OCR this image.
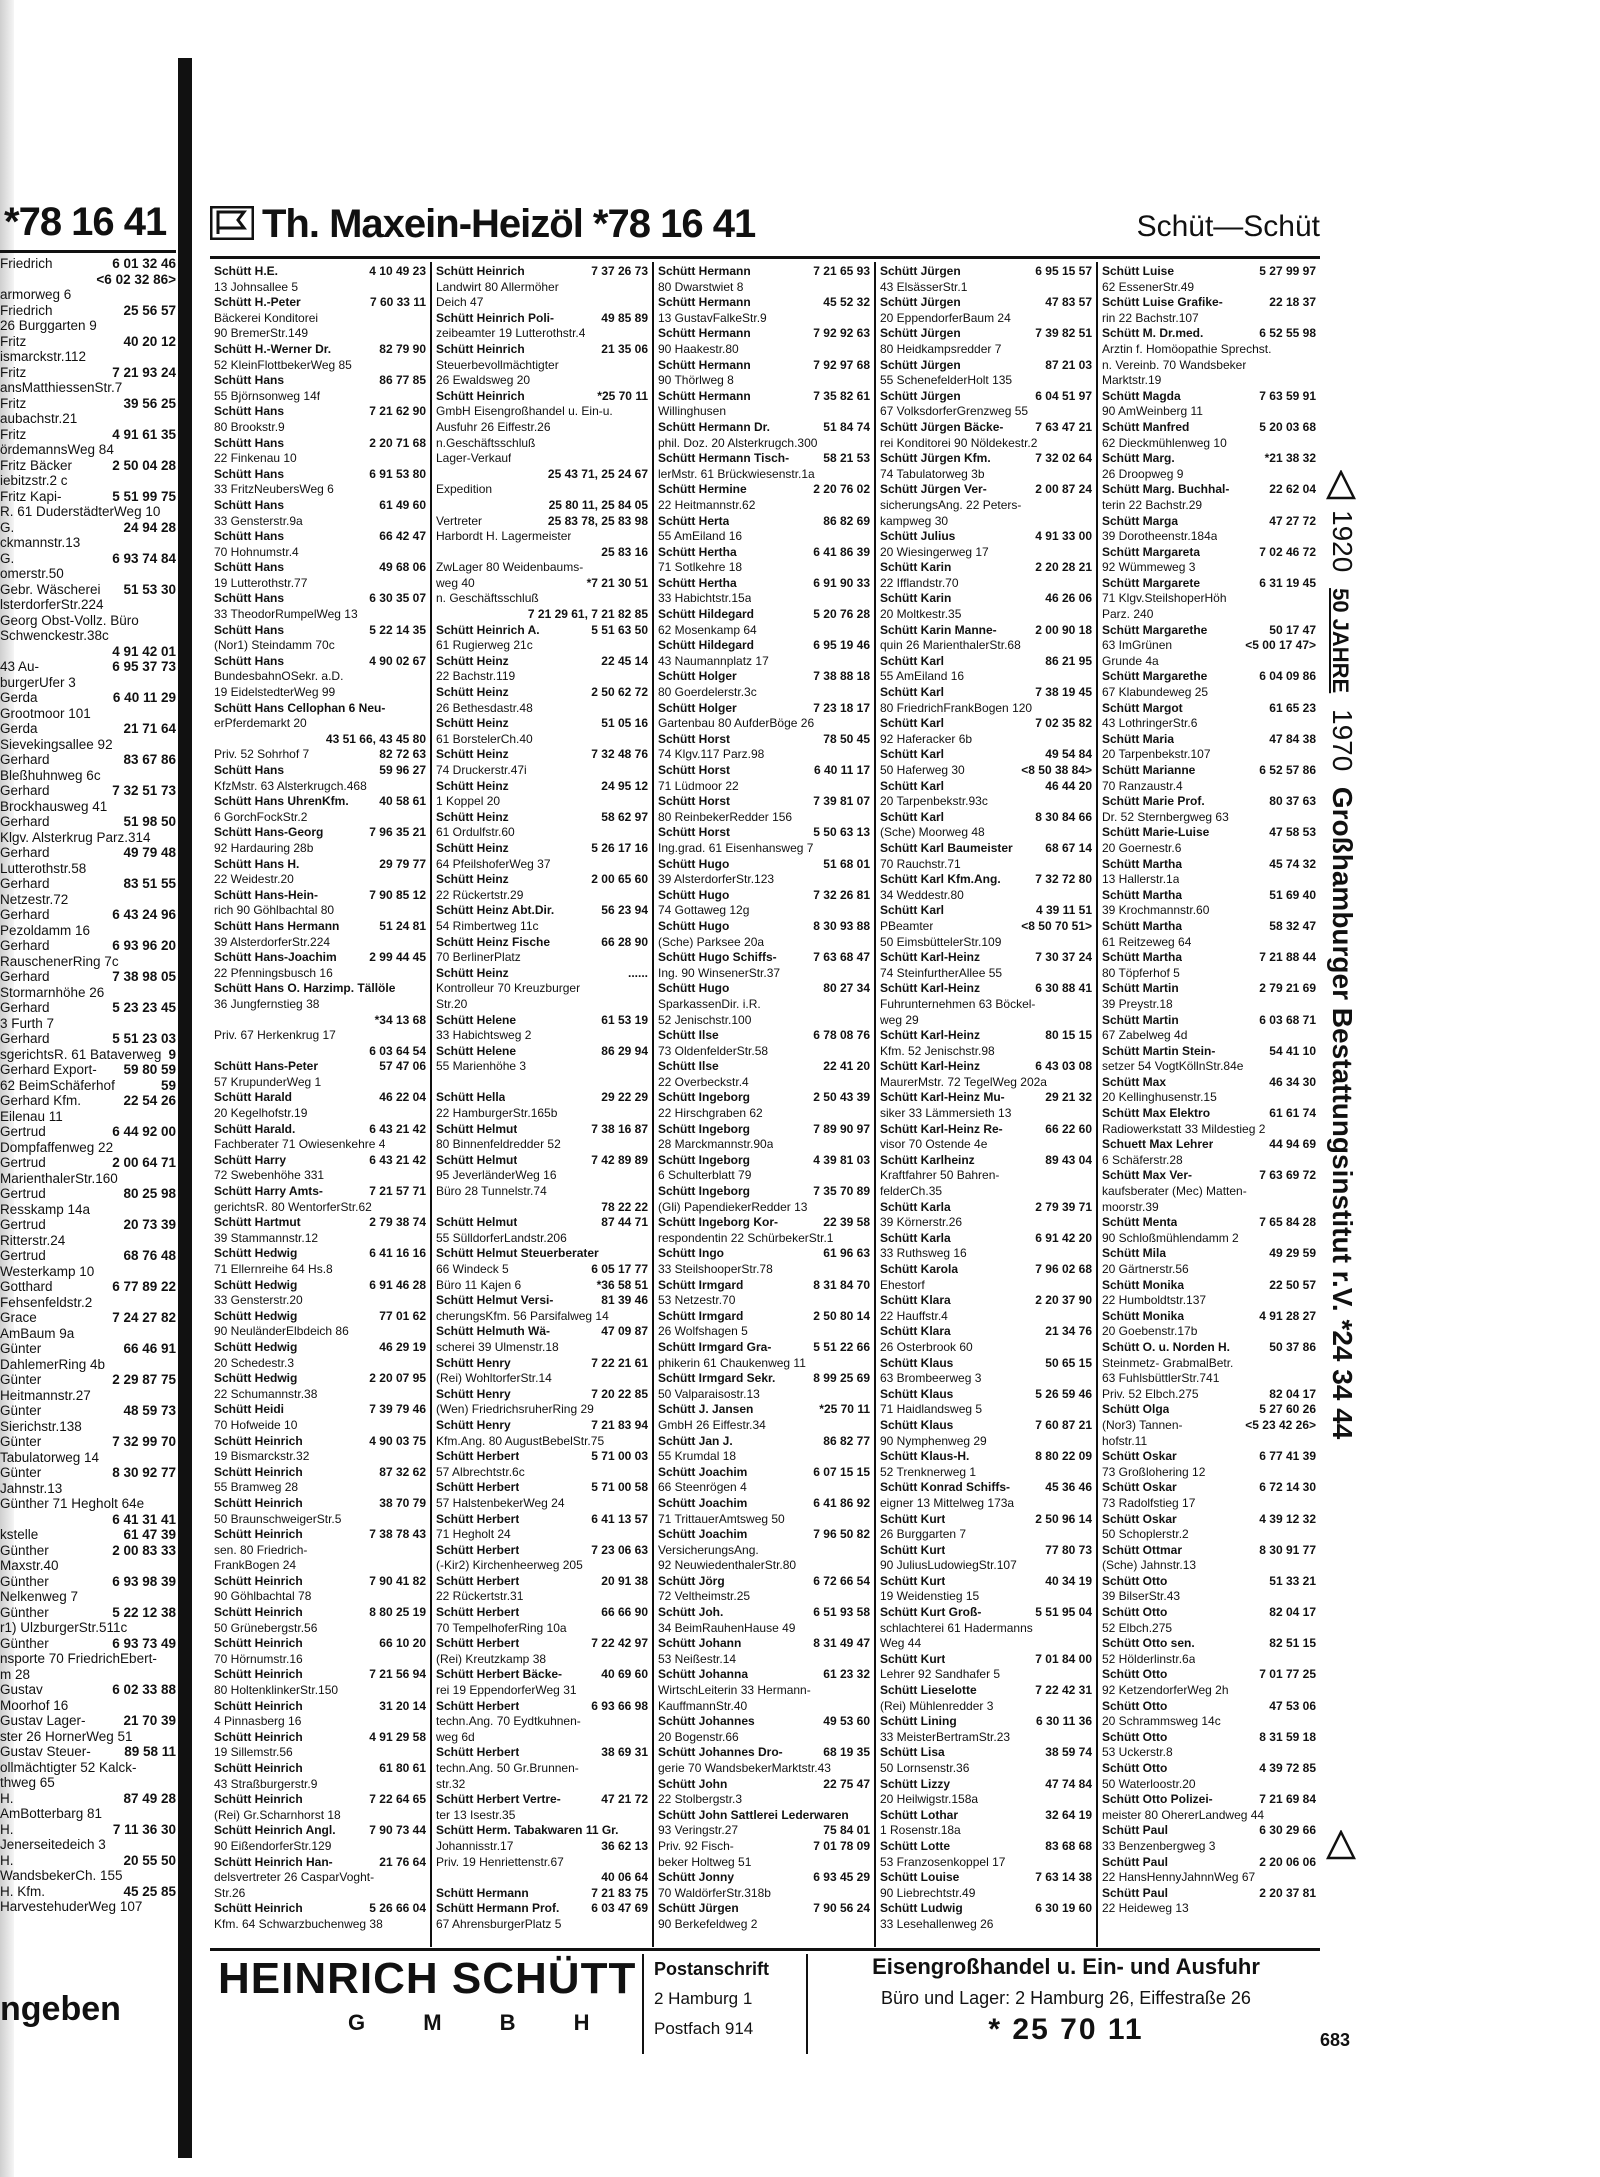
*78 16 41
Friedrich	6 01 32 46
<6 02 32 86>
armorweg 6
Friedrich	25 56 57
26 Burggarten 9
Fritz	40 20 12
ismarckstr.112
Fritz	7 21 93 24
ansMatthiessenStr.7
Fritz	39 56 25
aubachstr.21
Fritz	4 91 61 35
ördemannsWeg 84
Fritz Bäcker	2 50 04 28
iebitzstr.2 c
Fritz Kapi-	5 51 99 75
R. 61 DuderstädterWeg 10
G.	24 94 28
ckmannstr.13
G.	6 93 74 84
omerstr.50
Gebr. Wäscherei 51 53 30
lsterdorferStr.224
Georg Obst-Vollz. Büro
Schwenckestr.38c
4 91 42 01
43 Au-	6 95 37 73
burgerUfer 3
Gerda	6 40 11 29
Grootmoor 101
Gerda	21 71 64
Sievekingsallee 92
Gerhard	83 67 86
Bleßhuhnweg 6c
Gerhard	7 32 51 73
Brockhausweg 41
Gerhard	51 98 50
Klgv. Alsterkrug Parz.314
Gerhard	49 79 48
Lutterothstr.58
Gerhard	83 51 55
Netzestr.72
Gerhard	6 43 24 96
Pezoldamm 16
Gerhard	6 93 96 20
RauschenerRing 7c
Gerhard	7 38 98 05
Stormarnhöhe 26
Gerhard	5 23 23 45
3 Furth 7
Gerhard	5 51 23 03
sgerichtsR. 61 Bataverweg 9
Gerhard Export- 59 80 59
62 BeimSchäferhof	59
Gerhard Kfm.	22 54 26
Eilenau 11
Gertrud	6 44 92 00
Dompfaffenweg 22
Gertrud	2 00 64 71
MarienthalerStr.160
Gertrud	80 25 98
Resskamp 14a
Gertrud	20 73 39
Ritterstr.24
Gertrud	68 76 48
Westerkamp 10
Gotthard	6 77 89 22
Fehsenfeldstr.2
Grace	7 24 27 82
AmBaum 9a
Günter	66 46 91
DahlemerRing 4b
Günter	2 29 87 75
Heitmannstr.27
Günter	48 59 73
Sierichstr.138
Günter	7 32 99 70
Tabulatorweg 14
Günter	8 30 92 77
Jahnstr.13
Günther 71 Hegholt 64e
6 41 31 41
kstelle	61 47 39
Günther	2 00 83 33
Maxstr.40
Günther	6 93 98 39
Nelkenweg 7
Günther	5 22 12 38
r1) UlzburgerStr.511c
Günther	6 93 73 49
nsporte 70 FriedrichEbert-
m 28
Gustav	6 02 33 88
Moorhof 16
Gustav Lager-	21 70 39
ster 26 HornerWeg 51
Gustav Steuer- 89 58 11
ollmächtigter 52 Kalck-
thweg 65
H.	87 49 28
AmBotterbarg 81
H.	7 11 36 30
Jenerseitedeich 3
H.	20 55 50
WandsbekerCh. 155
H. Kfm.	45 25 85
HarvestehuderWeg 107
ngeben
Th. Maxein-Heizöl *78 16 41	Schüt—Schüt
Schütt H.E.	4 10 49 23
13 Johnsallee 5
Schütt H.-Peter	7 60 33 11
Bäckerei Konditorei
90 BremerStr.149
Schütt H.-Werner Dr.	82 79 90
52 KleinFlottbekerWeg 85
Schütt Hans	86 77 85
55 Björnsonweg 14f
Schütt Hans	7 21 62 90
80 Brookstr.9
Schütt Hans	2 20 71 68
22 Finkenau 10
Schütt Hans	6 91 53 80
33 FritzNeubersWeg 6
Schütt Hans	61 49 60
33 Gensterstr.9a
Schütt Hans	66 42 47
70 Hohnumstr.4
Schütt Hans	49 68 06
19 Lutterothstr.77
Schütt Hans	6 30 35 07
33 TheodorRumpelWeg 13
Schütt Hans	5 22 14 35
(Nor1) Steindamm 70c
Schütt Hans	4 90 02 67
BundesbahnOSekr. a.D.
19 EidelstedterWeg 99
Schütt Hans Cellophan 6 Neu-
erPferdemarkt 20
43 51 66, 43 45 80
Priv. 52 Sohrhof 7	82 72 63
Schütt Hans	59 96 27
KfzMstr. 63 Alsterkrugch.468
Schütt Hans UhrenKfm.	40 58 61
6 GorchFockStr.2
Schütt Hans-Georg	7 96 35 21
92 Hardauring 28b
Schütt Hans H.	29 79 77
22 Weidestr.20
Schütt Hans-Hein-	7 90 85 12
rich 90 Göhlbachtal 80
Schütt Hans Hermann	51 24 81
39 AlsterdorferStr.224
Schütt Hans-Joachim	2 99 44 45
22 Pfenningsbusch 16
Schütt Hans O. Harzimp. Tällöle
36 Jungfernstieg 38
*34 13 68
Priv. 67 Herkenkrug 17
6 03 64 54
Schütt Hans-Peter	57 47 06
57 KrupunderWeg 1
Schütt Harald	46 22 04
20 Kegelhofstr.19
Schütt Harald.	6 43 21 42
Fachberater 71 Owiesenkehre 4
Schütt Harry	6 43 21 42
72 Swebenhöhe 331
Schütt Harry Amts-	7 21 57 71
gerichtsR. 80 WentorferStr.62
Schütt Hartmut	2 79 38 74
39 Stammannstr.12
Schütt Hedwig	6 41 16 16
71 Ellernreihe 64 Hs.8
Schütt Hedwig	6 91 46 28
33 Gensterstr.20
Schütt Hedwig	77 01 62
90 NeuländerElbdeich 86
Schütt Hedwig	46 29 19
20 Schedestr.3
Schütt Hedwig	2 20 07 95
22 Schumannstr.38
Schütt Heidi	7 39 79 46
70 Hofweide 10
Schütt Heinrich	4 90 03 75
19 Bismarckstr.32
Schütt Heinrich	87 32 62
55 Bramweg 28
Schütt Heinrich	38 70 79
50 BraunschweigerStr.5
Schütt Heinrich	7 38 78 43
sen. 80 Friedrich-
FrankBogen 24
Schütt Heinrich	7 90 41 82
90 Göhlbachtal 78
Schütt Heinrich	8 80 25 19
50 Grünebergstr.56
Schütt Heinrich	66 10 20
70 Hörnumstr.16
Schütt Heinrich	7 21 56 94
80 HoltenklinkerStr.150
Schütt Heinrich	31 20 14
4 Pinnasberg 16
Schütt Heinrich	4 91 29 58
19 Sillemstr.56
Schütt Heinrich	61 80 61
43 Straßburgerstr.9
Schütt Heinrich	7 22 64 65
(Rei) Gr.Scharnhorst 18
Schütt Heinrich Angl.	7 90 73 44
90 EißendorferStr.129
Schütt Heinrich Han-	21 76 64
delsvertreter 26 CasparVoght-
Str.26
Schütt Heinrich	5 26 66 04
Kfm. 64 Schwarzbuchenweg 38
Schütt Heinrich	7 37 26 73
Landwirt 80 Allermöher
Deich 47
Schütt Heinrich Poli-	49 85 89
zeibeamter 19 Lutterothstr.4
Schütt Heinrich	21 35 06
Steuerbevollmächtigter
26 Ewaldsweg 20
Schütt Heinrich	*25 70 11
GmbH Eisengroßhandel u. Ein-u.
Ausfuhr 26 Eiffestr.26
n.Geschäftsschluß
Lager-Verkauf
25 43 71, 25 24 67
Expedition
25 80 11, 25 84 05
Vertreter	25 83 78, 25 83 98
Harbordt H. Lagermeister
25 83 16
ZwLager 80 Weidenbaums-
weg 40	*7 21 30 51
n. Geschäftsschluß
7 21 29 61, 7 21 82 85
Schütt Heinrich A.	5 51 63 50
61 Rugierweg 21c
Schütt Heinz	22 45 14
22 Bachstr.119
Schütt Heinz	2 50 62 72
26 Bethesdastr.48
Schütt Heinz	51 05 16
61 BorstelerCh.40
Schütt Heinz	7 32 48 76
74 Druckerstr.47i
Schütt Heinz	24 95 12
1 Koppel 20
Schütt Heinz	58 62 97
61 Ordulfstr.60
Schütt Heinz	5 26 17 16
64 PfeilshoferWeg 37
Schütt Heinz	2 00 65 60
22 Rückertstr.29
Schütt Heinz Abt.Dir.	56 23 94
54 Rimbertweg 11c
Schütt Heinz Fische	66 28 90
70 BerlinerPlatz
Schütt Heinz	......
Kontrolleur 70 Kreuzburger
Str.20
Schütt Helene	61 53 19
33 Habichtsweg 2
Schütt Helene	86 29 94
55 Marienhöhe 3
Schütt Hella	29 22 29
22 HamburgerStr.165b
Schütt Helmut	7 38 16 87
80 Binnenfeldredder 52
Schütt Helmut	7 42 89 89
95 JeverländerWeg 16
Büro 28 Tunnelstr.74
78 22 22
Schütt Helmut	87 44 71
55 SülldorferLandstr.206
Schütt Helmut Steuerberater
66 Windeck 5	6 05 17 77
Büro 11 Kajen 6	*36 58 51
Schütt Helmut Versi-	81 39 46
cherungsKfm. 56 Parsifalweg 14
Schütt Helmuth Wä-	47 09 87
scherei 39 Ulmenstr.18
Schütt Henry	7 22 21 61
(Rei) WohltorferStr.14
Schütt Henry	7 20 22 85
(Wen) FriedrichsruherRing 29
Schütt Henry	7 21 83 94
Kfm.Ang. 80 AugustBebelStr.75
Schütt Herbert	5 71 00 03
57 Albrechtstr.6c
Schütt Herbert	5 71 00 58
57 HalstenbekerWeg 24
Schütt Herbert	6 41 13 57
71 Hegholt 24
Schütt Herbert	7 23 06 63
(-Kir2) Kirchenheerweg 205
Schütt Herbert	20 91 38
22 Rückertstr.31
Schütt Herbert	66 66 90
70 TempelhoferRing 10a
Schütt Herbert	7 22 42 97
(Rei) Kreutzkamp 38
Schütt Herbert Bäcke-	40 69 60
rei 19 EppendorferWeg 31
Schütt Herbert	6 93 66 98
techn.Ang. 70 Eydtkuhnen-
weg 6d
Schütt Herbert	38 69 31
techn.Ang. 50 Gr.Brunnen-
str.32
Schütt Herbert Vertre-	47 21 72
ter 13 Isestr.35
Schütt Herm. Tabakwaren 11 Gr.
Johannisstr.17	36 62 13
Priv. 19 Henriettenstr.67
40 06 64
Schütt Hermann	7 21 83 75
Schütt Hermann Prof.	6 03 47 69
67 AhrensburgerPlatz 5
Schütt Hermann	7 21 65 93
80 Dwarstwiet 8
Schütt Hermann	45 52 32
13 GustavFalkeStr.9
Schütt Hermann	7 92 92 63
90 Haakestr.80
Schütt Hermann	7 92 97 68
90 Thörlweg 8
Schütt Hermann	7 35 82 61
Willinghusen
Schütt Hermann Dr.	51 84 74
phil. Doz. 20 Alsterkrugch.300
Schütt Hermann Tisch-	58 21 53
lerMstr. 61 Brückwiesenstr.1a
Schütt Hermine	2 20 76 02
22 Heitmannstr.62
Schütt Herta	86 82 69
55 AmEiland 16
Schütt Hertha	6 41 86 39
71 Sotlkehre 18
Schütt Hertha	6 91 90 33
33 Habichtstr.15a
Schütt Hildegard	5 20 76 28
62 Mosenkamp 64
Schütt Hildegard	6 95 19 46
43 Naumannplatz 17
Schütt Holger	7 38 88 18
80 Goerdelerstr.3c
Schütt Holger	7 23 18 17
Gartenbau 80 AufderBöge 26
Schütt Horst	78 50 45
74 Klgv.117 Parz.98
Schütt Horst	6 40 11 17
71 Lüdmoor 22
Schütt Horst	7 39 81 07
80 ReinbekerRedder 156
Schütt Horst	5 50 63 13
Ing.grad. 61 Eisenhansweg 7
Schütt Hugo	51 68 01
39 AlsterdorferStr.123
Schütt Hugo	7 32 26 81
74 Gottaweg 12g
Schütt Hugo	8 30 93 88
(Sche) Parksee 20a
Schütt Hugo Schiffs-	7 63 68 47
Ing. 90 WinsenerStr.37
Schütt Hugo	80 27 34
SparkassenDir. i.R.
52 Jenischstr.100
Schütt Ilse	6 78 08 76
73 OldenfelderStr.58
Schütt Ilse	22 41 20
22 Overbeckstr.4
Schütt Ingeborg	2 50 43 39
22 Hirschgraben 62
Schütt Ingeborg	7 89 90 97
28 Marckmannstr.90a
Schütt Ingeborg	4 39 81 03
6 Schulterblatt 79
Schütt Ingeborg	7 35 70 89
(Gli) PapendiekerRedder 13
Schütt Ingeborg Kor-	22 39 58
respondentin 22 SchürbekerStr.1
Schütt Ingo	61 96 63
33 SteilshooperStr.78
Schütt Irmgard	8 31 84 70
53 Netzestr.70
Schütt Irmgard	2 50 80 14
26 Wolfshagen 5
Schütt Irmgard Gra-	5 51 22 66
phikerin 61 Chaukenweg 11
Schütt Irmgard Sekr.	8 99 25 69
50 Valparaisostr.13
Schütt J. Jansen	*25 70 11
GmbH 26 Eiffestr.34
Schütt Jan J.	86 82 77
55 Krumdal 18
Schütt Joachim	6 07 15 15
66 Steenrögen 4
Schütt Joachim	6 41 86 92
71 TrittauerAmtsweg 50
Schütt Joachim	7 96 50 82
VersicherungsAng.
92 NeuwiedenthalerStr.80
Schütt Jörg	6 72 66 54
72 Veltheimstr.25
Schütt Joh.	6 51 93 58
34 BeimRauhenHause 49
Schütt Johann	8 31 49 47
53 Neißestr.14
Schütt Johanna	61 23 32
WirtschLeiterin 33 Hermann-
KauffmannStr.40
Schütt Johannes	49 53 60
20 Bogenstr.66
Schütt Johannes Dro-	68 19 35
gerie 70 WandsbekerMarktstr.43
Schütt John	22 75 47
22 Stolbergstr.3
Schütt John Sattlerei Lederwaren
93 Veringstr.27	75 84 01
Priv. 92 Fisch-	7 01 78 09
beker Holtweg 51
Schütt Jonny	6 93 45 29
70 WaldörferStr.318b
Schütt Jürgen	7 90 56 24
90 Berkefeldweg 2
Schütt Jürgen	6 95 15 57
43 ElsässerStr.1
Schütt Jürgen	47 83 57
20 EppendorferBaum 24
Schütt Jürgen	7 39 82 51
80 Heidkampsredder 7
Schütt Jürgen	87 21 03
55 SchenefelderHolt 135
Schütt Jürgen	6 04 51 97
67 VolksdorferGrenzweg 55
Schütt Jürgen Bäcke-	7 63 47 21
rei Konditorei 90 Nöldekestr.2
Schütt Jürgen Kfm.	7 32 02 64
74 Tabulatorweg 3b
Schütt Jürgen Ver-	2 00 87 24
sicherungsAng. 22 Peters-
kampweg 30
Schütt Julius	4 91 33 00
20 Wiesingerweg 17
Schütt Karin	2 20 28 21
22 Ifflandstr.70
Schütt Karin	46 26 06
20 Moltkestr.35
Schütt Karin Manne-	2 00 90 18
quin 26 MarienthalerStr.68
Schütt Karl	86 21 95
55 AmEiland 16
Schütt Karl	7 38 19 45
80 FriedrichFrankBogen 120
Schütt Karl	7 02 35 82
92 Haferacker 6b
Schütt Karl	49 54 84
50 Haferweg 30	<8 50 38 84>
Schütt Karl	46 44 20
20 Tarpenbekstr.93c
Schütt Karl	8 30 84 66
(Sche) Moorweg 48
Schütt Karl Baumeister	68 67 14
70 Rauchstr.71
Schütt Karl Kfm.Ang.	7 32 72 80
34 Weddestr.80
Schütt Karl	4 39 11 51
PBeamter	<8 50 70 51>
50 EimsbüttelerStr.109
Schütt Karl-Heinz	7 30 37 24
74 SteinfurtherAllee 55
Schütt Karl-Heinz	6 30 88 41
Fuhrunternehmen 63 Böckel-
weg 29
Schütt Karl-Heinz	80 15 15
Kfm. 52 Jenischstr.98
Schütt Karl-Heinz	6 43 03 08
MaurerMstr. 72 TegelWeg 202a
Schütt Karl-Heinz Mu-	29 21 32
siker 33 Lämmersieth 13
Schütt Karl-Heinz Re-	66 22 60
visor 70 Ostende 4e
Schütt Karlheinz	89 43 04
Kraftfahrer 50 Bahren-
felderCh.35
Schütt Karla	2 79 39 71
39 Körnerstr.26
Schütt Karla	6 91 42 20
33 Ruthsweg 16
Schütt Karola	7 96 02 68
Ehestorf
Schütt Klara	2 20 37 90
22 Hauffstr.4
Schütt Klara	21 34 76
26 Osterbrook 60
Schütt Klaus	50 65 15
63 Brombeerweg 3
Schütt Klaus	5 26 59 46
71 Haidlandsweg 5
Schütt Klaus	7 60 87 21
90 Nymphenweg 29
Schütt Klaus-H.	8 80 22 09
52 Trenknerweg 1
Schütt Konrad Schiffs-	45 36 46
eigner 13 Mittelweg 173a
Schütt Kurt	2 50 96 14
26 Burggarten 7
Schütt Kurt	77 80 73
90 JuliusLudowiegStr.107
Schütt Kurt	40 34 19
19 Weidenstieg 15
Schütt Kurt Groß-	5 51 95 04
schlachterei 61 Hadermanns
Weg 44
Schütt Kurt	7 01 84 00
Lehrer 92 Sandhafer 5
Schütt Lieselotte	7 22 42 31
(Rei) Mühlenredder 3
Schütt Lining	6 30 11 36
33 MeisterBertramStr.23
Schütt Lisa	38 59 74
50 Lornsenstr.36
Schütt Lizzy	47 74 84
20 Heilwigstr.158a
Schütt Lothar	32 64 19
1 Rosenstr.18a
Schütt Lotte	83 68 68
53 Franzosenkoppel 17
Schütt Louise	7 63 14 38
90 Liebrechtstr.49
Schütt Ludwig	6 30 19 60
33 Lesehallenweg 26
Schütt Luise	5 27 99 97
62 EssenerStr.49
Schütt Luise Grafike-	22 18 37
rin 22 Bachstr.107
Schütt M. Dr.med.	6 52 55 98
Arztin f. Homöopathie Sprechst.
n. Vereinb. 70 Wandsbeker
Marktstr.19
Schütt Magda	7 63 59 91
90 AmWeinberg 11
Schütt Manfred	5 20 03 68
62 Dieckmühlenweg 10
Schütt Marg.	*21 38 32
26 Droopweg 9
Schütt Marg. Buchhal-	22 62 04
terin 22 Bachstr.29
Schütt Marga	47 27 72
39 Dorotheenstr.184a
Schütt Margareta	7 02 46 72
92 Wümmeweg 3
Schütt Margarete	6 31 19 45
71 Klgv.SteilshoperHöh
Parz. 240
Schütt Margarethe	50 17 47
63 ImGrünen	<5 00 17 47>
Grunde 4a
Schütt Margarethe	6 04 09 86
67 Klabundeweg 25
Schütt Margot	61 65 23
43 LothringerStr.6
Schütt Maria	47 84 38
20 Tarpenbekstr.107
Schütt Marianne	6 52 57 86
70 Ranzaustr.4
Schütt Marie Prof.	80 37 63
Dr. 52 Sternbergweg 63
Schütt Marie-Luise	47 58 53
20 Goernestr.6
Schütt Martha	45 74 32
13 Hallerstr.1a
Schütt Martha	51 69 40
39 Krochmannstr.60
Schütt Martha	58 32 47
61 Reitzeweg 64
Schütt Martha	7 21 88 44
80 Töpferhof 5
Schütt Martin	2 79 21 69
39 Preystr.18
Schütt Martin	6 03 68 71
67 Zabelweg 4d
Schütt Martin Stein-	54 41 10
setzer 54 VogtKöllnStr.84e
Schütt Max	46 34 30
20 Kellinghusenstr.15
Schütt Max Elektro	61 61 74
Radiowerkstatt 33 Mildestieg 2
Schuett Max Lehrer	44 94 69
6 Schäferstr.28
Schütt Max Ver-	7 63 69 72
kaufsberater (Mec) Matten-
moorstr.39
Schütt Menta	7 65 84 28
90 Schloßmühlendamm 2
Schütt Mila	49 29 59
20 Gärtnerstr.56
Schütt Monika	22 50 57
22 Humboldtstr.137
Schütt Monika	4 91 28 27
20 Goebenstr.17b
Schütt O. u. Norden H.	50 37 86
Steinmetz- GrabmalBetr.
63 FuhlsbüttlerStr.741
Priv. 52 Elbch.275	82 04 17
Schütt Olga	5 27 60 26
(Nor3) Tannen-	<5 23 42 26>
hofstr.11
Schütt Oskar	6 77 41 39
73 Großlohering 12
Schütt Oskar	6 72 14 30
73 Radolfstieg 17
Schütt Oskar	4 39 12 32
50 Schoplerstr.2
Schütt Ottmar	8 30 91 77
(Sche) Jahnstr.13
Schütt Otto	51 33 21
39 BilserStr.43
Schütt Otto	82 04 17
52 Elbch.275
Schütt Otto sen.	82 51 15
52 Hölderlinstr.6a
Schütt Otto	7 01 77 25
92 KetzendorferWeg 2h
Schütt Otto	47 53 06
20 Schrammsweg 14c
Schütt Otto	8 31 59 18
53 Uckerstr.8
Schütt Otto	4 39 72 85
50 Waterloostr.20
Schütt Otto Polizei-	7 21 69 84
meister 80 OhererLandweg 44
Schütt Paul	6 30 29 66
33 Benzenbergweg 3
Schütt Paul	2 20 06 06
22 HansHennyJahnnWeg 67
Schütt Paul	2 20 37 81
22 Heideweg 13
1920 50 JAHRE 1970  Großhamburger Bestattungsinstitut r.V. *24 34 44
HEINRICH SCHÜTT
G M B H
Postanschrift
2 Hamburg 1
Postfach 914
Eisengroßhandel u. Ein- und Ausfuhr
Büro und Lager: 2 Hamburg 26, Eiffestraße 26
* 25 70 11	683
